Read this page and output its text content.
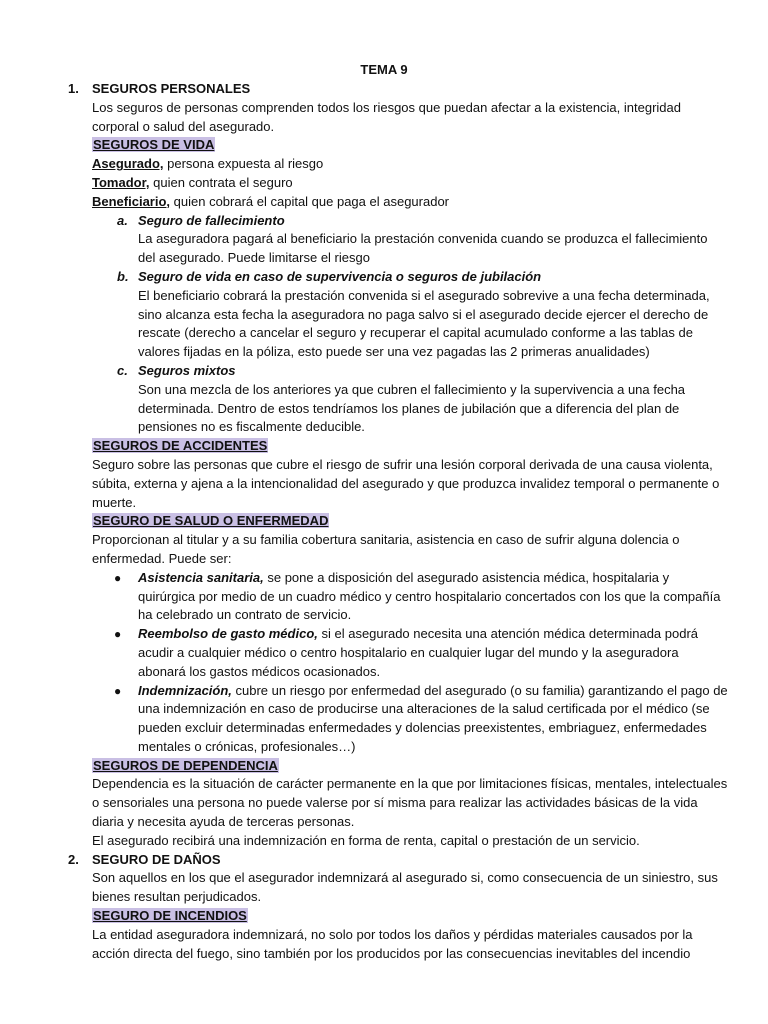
TEMA 9
1. SEGUROS PERSONALES

Los seguros de personas comprenden todos los riesgos que puedan afectar a la existencia, integridad corporal o salud del asegurado.

SEGUROS DE VIDA

Asegurado, persona expuesta al riesgo

Tomador, quien contrata el seguro

Beneficiario, quien cobrará el capital que paga el asegurador

a. Seguro de fallecimiento

La aseguradora pagará al beneficiario la prestación convenida cuando se produzca el fallecimiento del asegurado. Puede limitarse el riesgo

b. Seguro de vida en caso de supervivencia o seguros de jubilación

El beneficiario cobrará la prestación convenida si el asegurado sobrevive a una fecha determinada, sino alcanza esta fecha la aseguradora no paga salvo si el asegurado decide ejercer el derecho de rescate (derecho a cancelar el seguro y recuperar el capital acumulado conforme a las tablas de valores fijadas en la póliza, esto puede ser una vez pagadas las 2 primeras anualidades)

c. Seguros mixtos

Son una mezcla de los anteriores ya que cubren el fallecimiento y la supervivencia a una fecha determinada. Dentro de estos tendríamos los planes de jubilación que a diferencia del plan de pensiones no es fiscalmente deducible.

SEGUROS DE ACCIDENTES

Seguro sobre las personas que cubre el riesgo de sufrir una lesión corporal derivada de una causa violenta, súbita, externa y ajena a la intencionalidad del asegurado y que produzca invalidez temporal o permanente o muerte.

SEGURO DE SALUD O ENFERMEDAD

Proporcionan al titular y a su familia cobertura sanitaria, asistencia en caso de sufrir alguna dolencia o enfermedad. Puede ser:

● Asistencia sanitaria, se pone a disposición del asegurado asistencia médica, hospitalaria y quirúrgica por medio de un cuadro médico y centro hospitalario concertados con los que la compañía ha celebrado un contrato de servicio.

● Reembolso de gasto médico, si el asegurado necesita una atención médica determinada podrá acudir a cualquier médico o centro hospitalario en cualquier lugar del mundo y la aseguradora abonará los gastos médicos ocasionados.

● Indemnización, cubre un riesgo por enfermedad del asegurado (o su familia) garantizando el pago de una indemnización en caso de producirse una alteraciones de la salud certificada por el médico (se pueden excluir determinadas enfermedades y dolencias preexistentes, embriaguez, enfermedades mentales o crónicas, profesionales…)

SEGUROS DE DEPENDENCIA

Dependencia es la situación de carácter permanente en la que por limitaciones físicas, mentales, intelectuales o sensoriales una persona no puede valerse por sí misma para realizar las actividades básicas de la vida diaria y necesita ayuda de terceras personas.

El asegurado recibirá una indemnización en forma de renta, capital o prestación de un servicio.

2. SEGURO DE DAÑOS

Son aquellos en los que el asegurador indemnizará al asegurado si, como consecuencia de un siniestro, sus bienes resultan perjudicados.

SEGURO DE INCENDIOS

La entidad aseguradora indemnizará, no solo por todos los daños y pérdidas materiales causados por la acción directa del fuego, sino también por los producidos por las consecuencias inevitables del incendio
